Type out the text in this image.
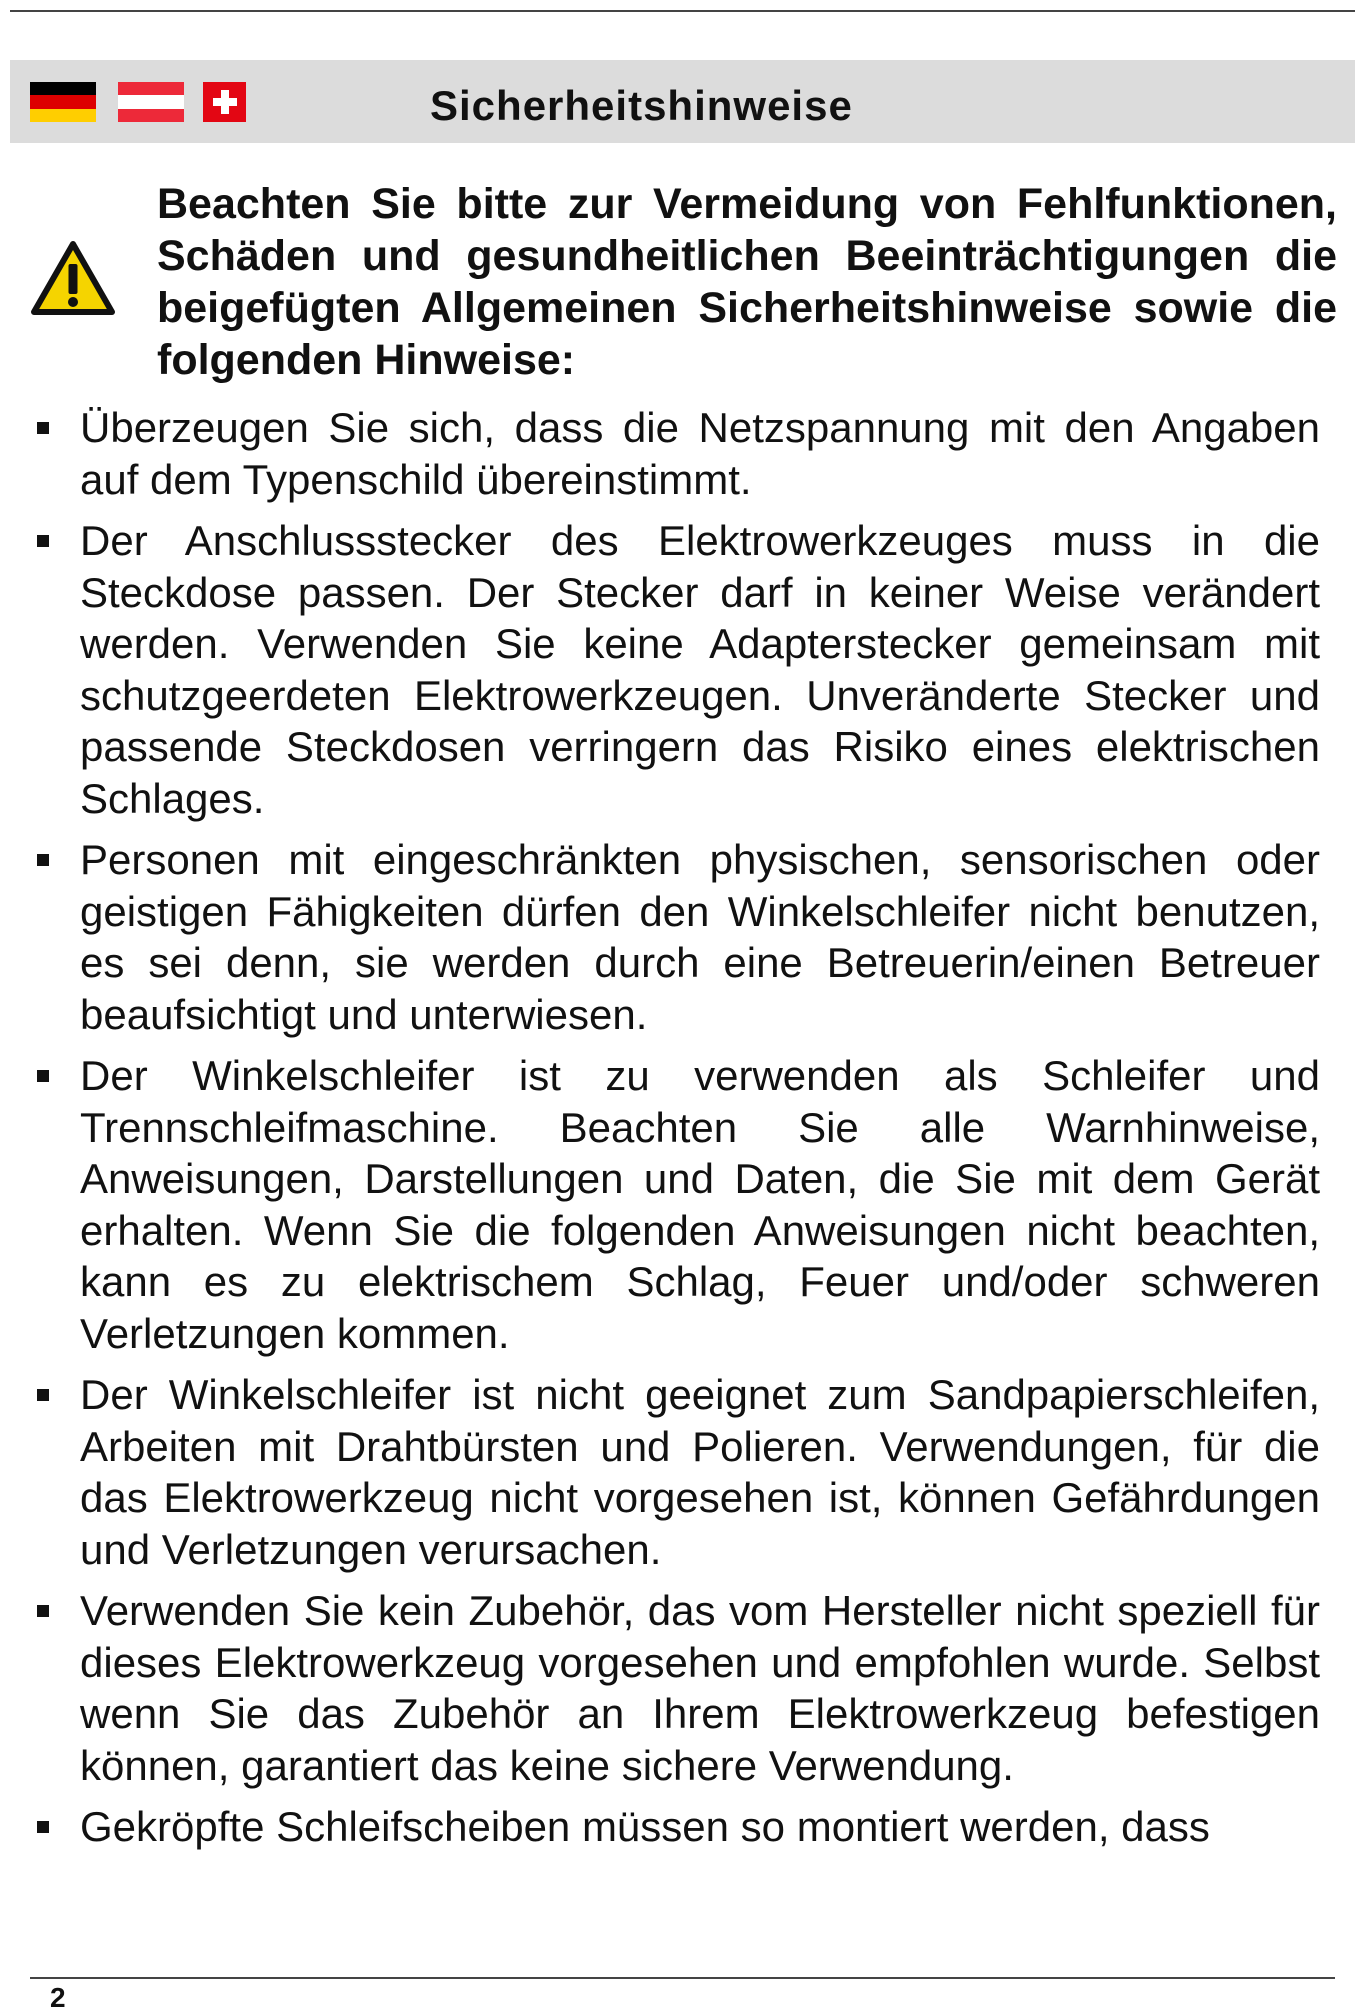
Sicherheitshinweise
Beachten Sie bitte zur Vermeidung von Fehlfunktionen, Schäden und gesundheitlichen Beeinträchtigungen die beigefügten Allgemeinen Sicherheitshinweise sowie die folgenden Hinweise:
Überzeugen Sie sich, dass die Netzspannung mit den Angaben auf dem Typenschild übereinstimmt.
Der Anschlussstecker des Elektrowerkzeuges muss in die Steckdose passen. Der Stecker darf in keiner Weise verändert werden. Verwenden Sie keine Adapterstecker gemeinsam mit schutzgeerdeten Elektrowerkzeugen. Unveränderte Stecker und passende Steckdosen verringern das Risiko eines elektrischen Schlages.
Personen mit eingeschränkten physischen, sensorischen oder geistigen Fähigkeiten dürfen den Winkelschleifer nicht benutzen, es sei denn, sie werden durch eine Betreuerin/einen Betreuer beaufsichtigt und unterwiesen.
Der Winkelschleifer ist zu verwenden als Schleifer und Trennschleifmaschine. Beachten Sie alle Warnhinweise, Anweisungen, Darstellungen und Daten, die Sie mit dem Gerät erhalten. Wenn Sie die folgenden Anweisungen nicht beachten, kann es zu elektrischem Schlag, Feuer und/oder schweren Verletzungen kommen.
Der Winkelschleifer ist nicht geeignet zum Sandpapierschleifen, Arbeiten mit Drahtbürsten und Polieren. Verwendungen, für die das Elektrowerkzeug nicht vorgesehen ist, können Gefährdungen und Verletzungen verursachen.
Verwenden Sie kein Zubehör, das vom Hersteller nicht speziell für dieses Elektrowerkzeug vorgesehen und empfohlen wurde. Selbst wenn Sie das Zubehör an Ihrem Elektrowerkzeug befestigen können, garantiert das keine sichere Verwendung.
Gekröpfte Schleifscheiben müssen so montiert werden, dass
2
